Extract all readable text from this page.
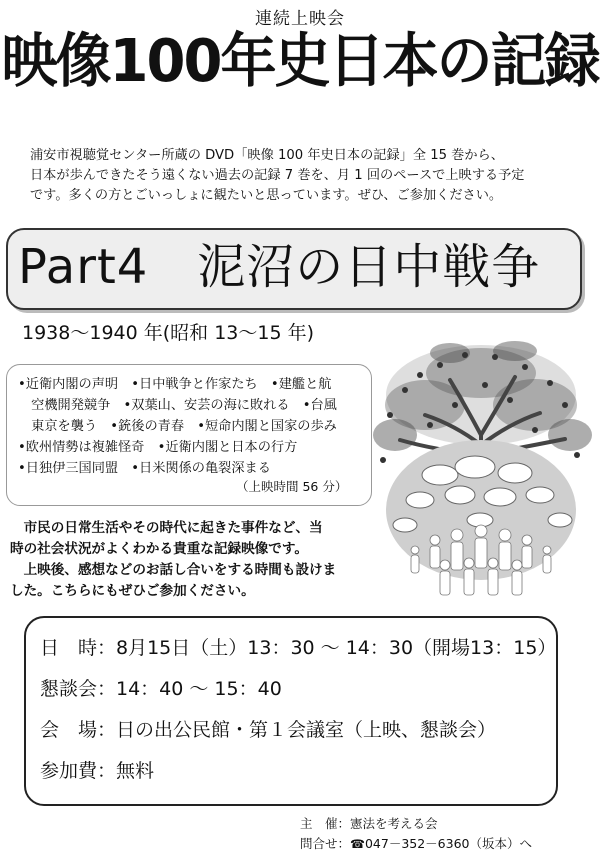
連続上映会
映像100年史日本の記録

浦安市視聴覚センター所蔵の DVD「映像 100 年史日本の記録」全 15 巻から、

日本が歩んできたそう遠くない過去の記録 7 巻を、月 1 回のペースで上映する予定

です。多くの方とごいっしょに観たいと思っています。ぜひ、ご参加ください。

Part4　泥沼の日中戦争
1938～1940 年(昭和 13～15 年)

•近衛内閣の声明　•日中戦争と作家たち　•建艦と航

　空機開発競争　•双葉山、安芸の海に敗れる　•台風

　東京を襲う　•銃後の青春　•短命内閣と国家の歩み

•欧州情勢は複雑怪奇　•近衛内閣と日本の行方

•日独伊三国同盟　•日米関係の亀裂深まる

（上映時間 56 分）

　市民の日常生活やその時代に起きた事件など、当

時の社会状況がよくわかる貴重な記録映像です。

　上映後、感想などのお話し合いをする時間も設けま

した。こちらにもぜひご参加ください。

日　時：8月15日（土）13：30 ～ 14：30（開場13：15）

懇談会：14：40 ～ 15：40

会　場：日の出公民館・第１会議室（上映、懇談会）

参加費：無料

主　催：憲法を考える会

問合せ：☎047－352－6360（坂本）へ
